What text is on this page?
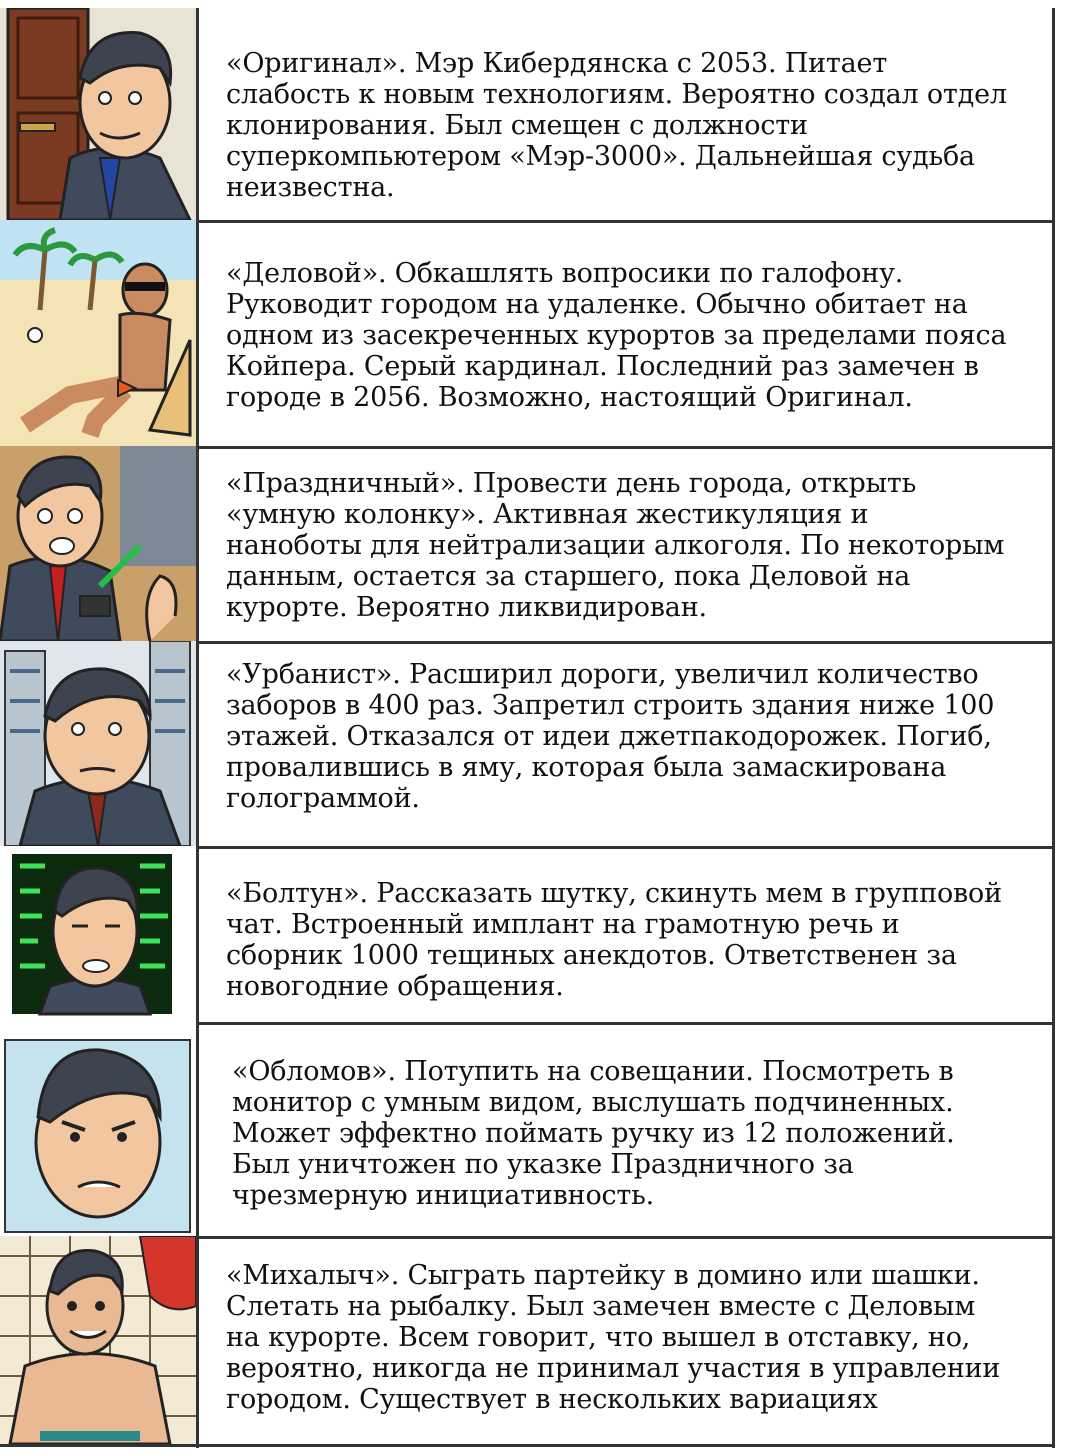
«Оригинал». Мэр Кибердянска с 2053. Питает слабость к новым технологиям. Вероятно создал отдел клонирования. Был смещен с должности суперкомпьютером «Мэр-3000». Дальнейшая судьба неизвестна.
«Деловой». Обкашлять вопросики по галофону. Руководит городом на удаленке. Обычно обитает на одном из засекреченных курортов за пределами пояса Койпера. Серый кардинал. Последний раз замечен в городе в 2056. Возможно, настоящий Оригинал.
«Праздничный». Провести день города, открыть «умную колонку». Активная жестикуляция и наноботы для нейтрализации алкоголя. По некоторым данным, остается за старшего, пока Деловой на курорте. Вероятно ликвидирован.
«Урбанист». Расширил дороги, увеличил количество заборов в 400 раз. Запретил строить здания ниже 100 этажей. Отказался от идеи джетпакодорожек. Погиб, провалившись в яму, которая была замаскирована голограммой.
«Болтун». Рассказать шутку, скинуть мем в групповой чат. Встроенный имплант на грамотную речь и сборник 1000 тещиных анекдотов. Ответственен за новогодние обращения.
«Обломов». Потупить на совещании. Посмотреть в монитор с умным видом, выслушать подчиненных. Может эффектно поймать ручку из 12 положений. Был уничтожен по указке Праздничного за чрезмерную инициативность.
«Михалыч». Сыграть партейку в домино или шашки. Слетать на рыбалку. Был замечен вместе с Деловым на курорте. Всем говорит, что вышел в отставку, но, вероятно, никогда не принимал участия в управлении городом. Существует в нескольких вариациях
